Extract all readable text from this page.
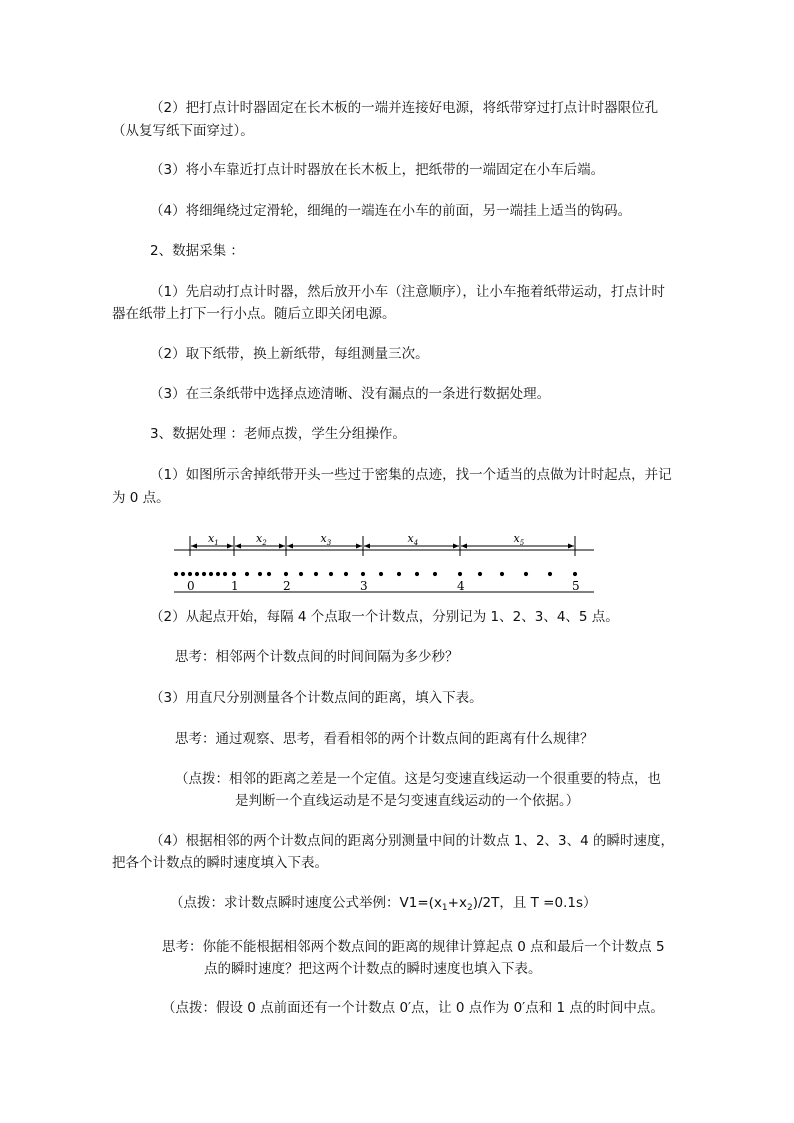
（2）把打点计时器固定在长木板的一端并连接好电源，将纸带穿过打点计时器限位孔
（从复写纸下面穿过）。
（3）将小车靠近打点计时器放在长木板上，把纸带的一端固定在小车后端。
（4）将细绳绕过定滑轮，细绳的一端连在小车的前面，另一端挂上适当的钩码。
2、数据采集 ：
（1）先启动打点计时器，然后放开小车（注意顺序），让小车拖着纸带运动，打点计时
器在纸带上打下一行小点。随后立即关闭电源。
（2）取下纸带，换上新纸带，每组测量三次。
（3）在三条纸带中选择点迹清晰、没有漏点的一条进行数据处理。
3、数据处理 ：老师点拨，学生分组操作。
（1）如图所示舍掉纸带开头一些过于密集的点迹，找一个适当的点做为计时起点，并记
为 0 点。
$x_1$	$x_2$	$x_3$	$x_4$	$x_5$
0	1	2	3	4	5
（2）从起点开始，每隔 4 个点取一个计数点，分别记为 1、2、3、4、5 点。
思考：相邻两个计数点间的时间间隔为多少秒？
（3）用直尺分别测量各个计数点间的距离，填入下表。
思考：通过观察、思考，看看相邻的两个计数点间的距离有什么规律？
（点拨：相邻的距离之差是一个定值。这是匀变速直线运动一个很重要的特点，也
是判断一个直线运动是不是匀变速直线运动的一个依据。）
（4）根据相邻的两个计数点间的距离分别测量中间的计数点 1、2、3、4 的瞬时速度，
把各个计数点的瞬时速度填入下表。
（点拨：求计数点瞬时速度公式举例：$V1=(x_1+x_2)/2T$，且 T =0.1s）
思考：你能不能根据相邻两个数点间的距离的规律计算起点 0 点和最后一个计数点 5
点的瞬时速度？把这两个计数点的瞬时速度也填入下表。
（点拨：假设 0 点前面还有一个计数点 0′点，让 0 点作为 0′点和 1 点的时间中点。
